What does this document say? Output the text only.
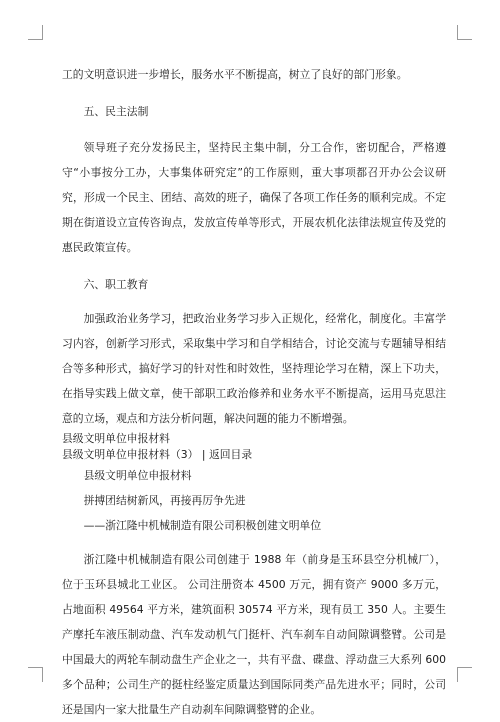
工的文明意识进一步增长，服务水平不断提高，树立了良好的部门形象。

五、民主法制

领导班子充分发扬民主，坚持民主集中制，分工合作，密切配合，严格遵守“小事按分工办，大事集体研究定”的工作原则，重大事项都召开办公会议研究，形成一个民主、团结、高效的班子，确保了各项工作任务的顺利完成。不定期在街道设立宣传咨询点，发放宣传单等形式，开展农机化法律法规宣传及党的惠民政策宣传。

六、职工教育

加强政治业务学习，把政治业务学习步入正规化，经常化，制度化。丰富学习内容，创新学习形式，采取集中学习和自学相结合，讨论交流与专题辅导相结合等多种形式，搞好学习的针对性和时效性，坚持理论学习在精，深上下功夫，在指导实践上做文章，使干部职工政治修养和业务水平不断提高，运用马克思注意的立场，观点和方法分析问题，解决问题的能力不断增强。

县级文明单位申报材料

县级文明单位申报材料（3） | 返回目录

县级文明单位申报材料

拼搏团结树新风，再接再厉争先进

——浙江隆中机械制造有限公司积极创建文明单位

浙江隆中机械制造有限公司创建于 1988 年（前身是玉环县空分机械厂），位于玉环县城北工业区。 公司注册资本 4500 万元，拥有资产 9000 多万元，占地面积 49564 平方米，建筑面积 30574 平方米，现有员工 350 人。主要生产摩托车液压制动盘、汽车发动机气门挺杆、汽车刹车自动间隙调整臂。公司是中国最大的两轮车制动盘生产企业之一，共有平盘、碟盘、浮动盘三大系列 600 多个品种；公司生产的挺柱经鉴定质量达到国际同类产品先进水平；同时，公司还是国内一家大批量生产自动刹车间隙调整臂的企业。
